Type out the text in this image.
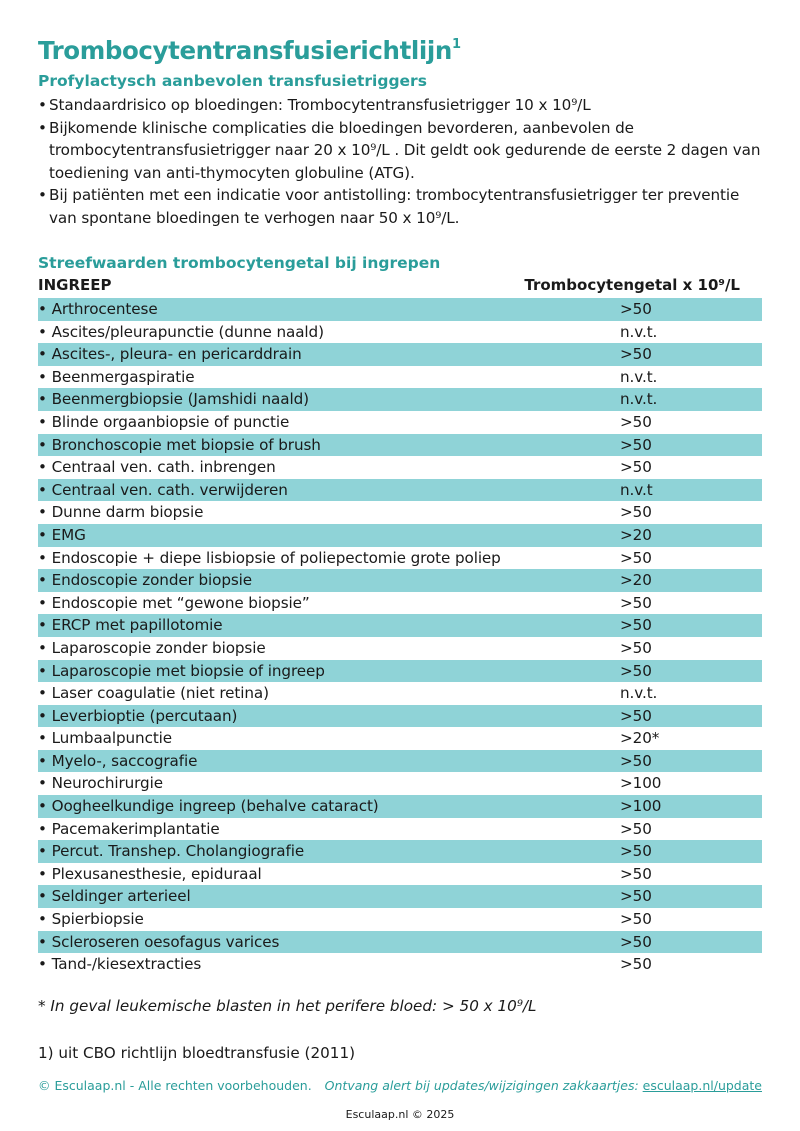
Trombocytentransfusierichtlijn$^1$
Profylactysch aanbevolen transfusietriggers
• Standaardrisico op bloedingen: Trombocytentransfusietrigger 10 x 10⁹/L
• Bijkomende klinische complicaties die bloedingen bevorderen, aanbevolen de trombocytentransfusietrigger naar 20 x 10⁹/L . Dit geldt ook gedurende de eerste 2 dagen van toediening van anti-thymocyten globuline (ATG).
• Bij patiënten met een indicatie voor antistolling: trombocytentransfusietrigger ter preventie van spontane bloedingen te verhogen naar 50 x 10⁹/L.
Streefwaarden trombocytengetal bij ingrepen
INGREEP	Trombocytengetal x 10⁹/L
• Arthrocentese	>50
• Ascites/pleurapunctie (dunne naald)	n.v.t.
• Ascites-, pleura- en pericarddrain	>50
• Beenmergaspiratie	n.v.t.
• Beenmergbiopsie (Jamshidi naald)	n.v.t.
• Blinde orgaanbiopsie of punctie	>50
• Bronchoscopie met biopsie of brush	>50
• Centraal ven. cath. inbrengen	>50
• Centraal ven. cath. verwijderen	n.v.t
• Dunne darm biopsie	>50
• EMG	>20
• Endoscopie + diepe lisbiopsie of poliepectomie grote poliep	>50
• Endoscopie zonder biopsie	>20
• Endoscopie met “gewone biopsie”	>50
• ERCP met papillotomie	>50
• Laparoscopie zonder biopsie	>50
• Laparoscopie met biopsie of ingreep	>50
• Laser coagulatie (niet retina)	n.v.t.
• Leverbioptie (percutaan)	>50
• Lumbaalpunctie	>20*
• Myelo-, saccografie	>50
• Neurochirurgie	>100
• Oogheelkundige ingreep (behalve cataract)	>100
• Pacemakerimplantatie	>50
• Percut. Transhep. Cholangiografie	>50
• Plexusanesthesie, epiduraal	>50
• Seldinger arterieel	>50
• Spierbiopsie	>50
• Scleroseren oesofagus varices	>50
• Tand-/kiesextracties	>50
* In geval leukemische blasten in het perifere bloed: > 50 x 10⁹/L
1) uit CBO richtlijn bloedtransfusie (2011)
© Esculaap.nl - Alle rechten voorbehouden. Ontvang alert bij updates/wijzigingen zakkaartjes: esculaap.nl/update
Esculaap.nl © 2025
